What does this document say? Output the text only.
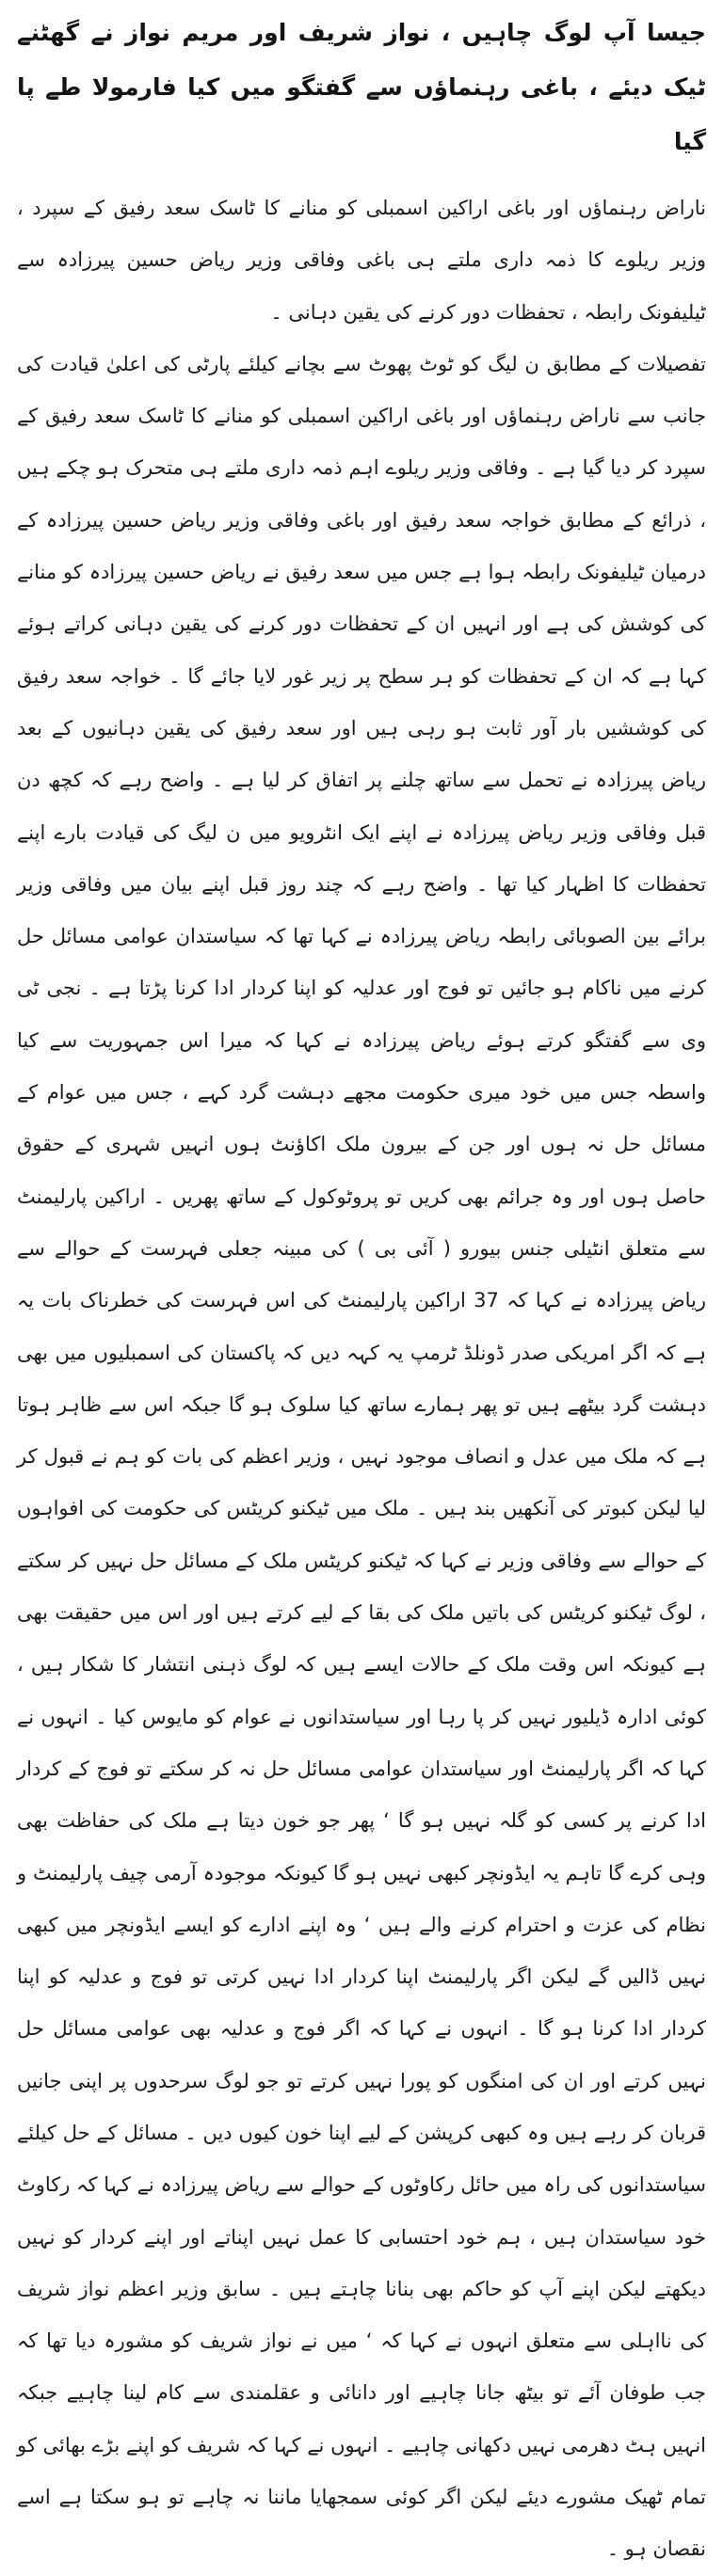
جیسا آپ لوگ چاہیں ، نواز شریف اور مریم نواز نے گھٹنے ٹیک دیئے ، باغی رہنماؤں سے گفتگو میں کیا فارمولا طے پا گیا

ناراض رہنماؤں اور باغی اراکین اسمبلی کو منانے کا ٹاسک سعد رفیق کے سپرد ، وزیر ریلوے کا ذمہ داری ملتے ہی باغی وفاقی وزیر ریاض حسین پیرزادہ سے ٹیلیفونک رابطہ ، تحفظات دور کرنے کی یقین دہانی ۔

تفصیلات کے مطابق ن لیگ کو ٹوٹ پھوٹ سے بچانے کیلئے پارٹی کی اعلیٰ قیادت کی جانب سے ناراض رہنماؤں اور باغی اراکین اسمبلی کو منانے کا ٹاسک سعد رفیق کے سپرد کر دیا گیا ہے ۔ وفاقی وزیر ریلوے اہم ذمہ داری ملتے ہی متحرک ہو چکے ہیں ، ذرائع کے مطابق خواجہ سعد رفیق اور باغی وفاقی وزیر ریاض حسین پیرزادہ کے درمیان ٹیلیفونک رابطہ ہوا ہے جس میں سعد رفیق نے ریاض حسین پیرزادہ کو منانے کی کوشش کی ہے اور انہیں ان کے تحفظات دور کرنے کی یقین دہانی کراتے ہوئے کہا ہے کہ ان کے تحفظات کو ہر سطح پر زیر غور لایا جائے گا ۔ خواجہ سعد رفیق کی کوششیں بار آور ثابت ہو رہی ہیں اور سعد رفیق کی یقین دہانیوں کے بعد ریاض پیرزادہ نے تحمل سے ساتھ چلنے پر اتفاق کر لیا ہے ۔ واضح رہے کہ کچھ دن قبل وفاقی وزیر ریاض پیرزادہ نے اپنے ایک انٹرویو میں ن لیگ کی قیادت بارے اپنے تحفظات کا اظہار کیا تھا ۔ واضح رہے کہ چند روز قبل اپنے بیان میں وفاقی وزیر برائے بین الصوبائی رابطہ ریاض پیرزادہ نے کہا تھا کہ سیاستدان عوامی مسائل حل کرنے میں ناکام ہو جائیں تو فوج اور عدلیہ کو اپنا کردار ادا کرنا پڑتا ہے ۔ نجی ٹی وی سے گفتگو کرتے ہوئے ریاض پیرزادہ نے کہا کہ میرا اس جمہوریت سے کیا واسطہ جس میں خود میری حکومت مجھے دہشت گرد کہے ، جس میں عوام کے مسائل حل نہ ہوں اور جن کے بیرون ملک اکاؤنٹ ہوں انہیں شہری کے حقوق حاصل ہوں اور وہ جرائم بھی کریں تو پروٹوکول کے ساتھ پھریں ۔ اراکین پارلیمنٹ سے متعلق انٹیلی جنس بیورو ( آئی بی ) کی مبینہ جعلی فہرست کے حوالے سے ریاض پیرزادہ نے کہا کہ 37 اراکین پارلیمنٹ کی اس فہرست کی خطرناک بات یہ ہے کہ اگر امریکی صدر ڈونلڈ ٹرمپ یہ کہہ دیں کہ پاکستان کی اسمبلیوں میں بھی دہشت گرد بیٹھے ہیں تو پھر ہمارے ساتھ کیا سلوک ہو گا جبکہ اس سے ظاہر ہوتا ہے کہ ملک میں عدل و انصاف موجود نہیں ، وزیر اعظم کی بات کو ہم نے قبول کر لیا لیکن کبوتر کی آنکھیں بند ہیں ۔ ملک میں ٹیکنو کریٹس کی حکومت کی افواہوں کے حوالے سے وفاقی وزیر نے کہا کہ ٹیکنو کریٹس ملک کے مسائل حل نہیں کر سکتے ، لوگ ٹیکنو کریٹس کی باتیں ملک کی بقا کے لیے کرتے ہیں اور اس میں حقیقت بھی ہے کیونکہ اس وقت ملک کے حالات ایسے ہیں کہ لوگ ذہنی انتشار کا شکار ہیں ، کوئی ادارہ ڈیلیور نہیں کر پا رہا اور سیاستدانوں نے عوام کو مایوس کیا ۔ انہوں نے کہا کہ اگر پارلیمنٹ اور سیاستدان عوامی مسائل حل نہ کر سکتے تو فوج کے کردار ادا کرنے پر کسی کو گلہ نہیں ہو گا ‘ پھر جو خون دیتا ہے ملک کی حفاظت بھی وہی کرے گا تاہم یہ ایڈونچر کبھی نہیں ہو گا کیونکہ موجودہ آرمی چیف پارلیمنٹ و نظام کی عزت و احترام کرنے والے ہیں ‘ وہ اپنے ادارے کو ایسے ایڈونچر میں کبھی نہیں ڈالیں گے لیکن اگر پارلیمنٹ اپنا کردار ادا نہیں کرتی تو فوج و عدلیہ کو اپنا کردار ادا کرنا ہو گا ۔ انہوں نے کہا کہ اگر فوج و عدلیہ بھی عوامی مسائل حل نہیں کرتے اور ان کی امنگوں کو پورا نہیں کرتے تو جو لوگ سرحدوں پر اپنی جانیں قربان کر رہے ہیں وہ کبھی کرپشن کے لیے اپنا خون کیوں دیں ۔ مسائل کے حل کیلئے سیاستدانوں کی راہ میں حائل رکاوٹوں کے حوالے سے ریاض پیرزادہ نے کہا کہ رکاوٹ خود سیاستدان ہیں ، ہم خود احتسابی کا عمل نہیں اپناتے اور اپنے کردار کو نہیں دیکھتے لیکن اپنے آپ کو حاکم بھی بنانا چاہتے ہیں ۔ سابق وزیر اعظم نواز شریف کی نااہلی سے متعلق انہوں نے کہا کہ ‘ میں نے نواز شریف کو مشورہ دیا تھا کہ جب طوفان آئے تو بیٹھ جانا چاہیے اور دانائی و عقلمندی سے کام لینا چاہیے جبکہ انہیں ہٹ دھرمی نہیں دکھانی چاہیے ۔ انہوں نے کہا کہ شریف کو اپنے بڑے بھائی کو تمام ٹھیک مشورے دیئے لیکن اگر کوئی سمجھایا ماننا نہ چاہے تو ہو سکتا ہے اسے نقصان ہو ۔
